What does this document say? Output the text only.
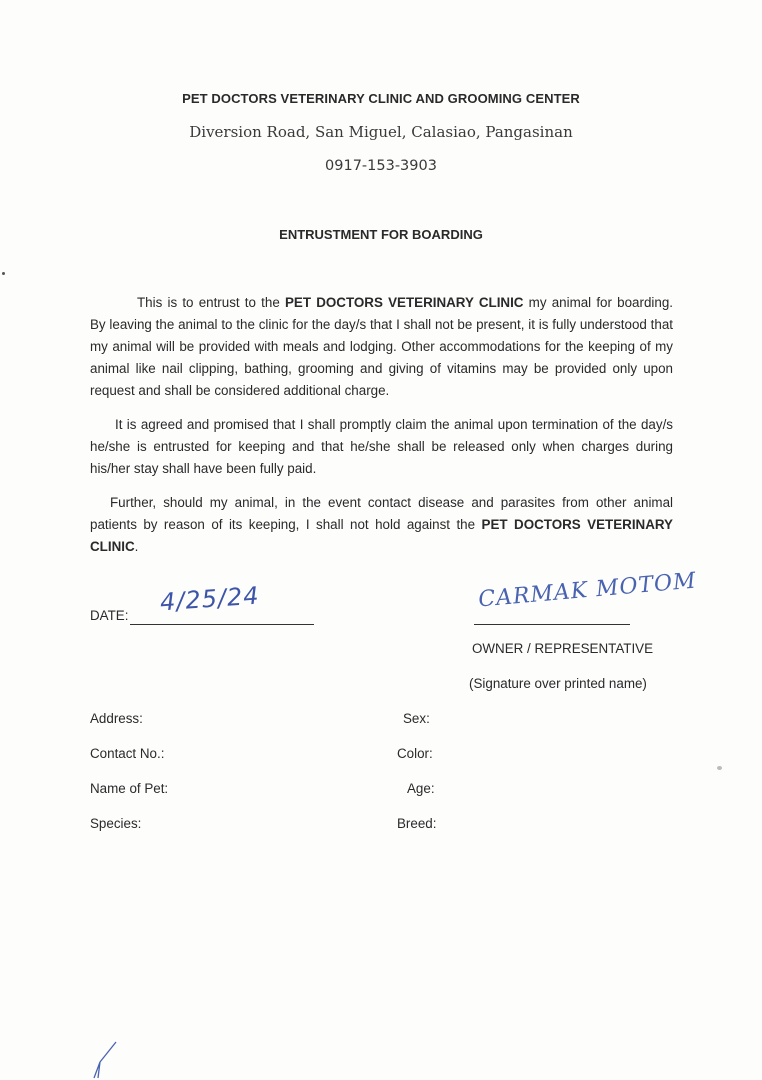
PET DOCTORS VETERINARY CLINIC AND GROOMING CENTER
Diversion Road, San Miguel, Calasiao, Pangasinan
0917-153-3903
ENTRUSTMENT FOR BOARDING
This is to entrust to the PET DOCTORS VETERINARY CLINIC my animal for boarding. By leaving the animal to the clinic for the day/s that I shall not be present, it is fully understood that my animal will be provided with meals and lodging. Other accommodations for the keeping of my animal like nail clipping, bathing, grooming and giving of vitamins may be provided only upon request and shall be considered additional charge.
It is agreed and promised that I shall promptly claim the animal upon termination of the day/s he/she is entrusted for keeping and that he/she shall be released only when charges during his/her stay shall have been fully paid.
Further, should my animal, in the event contact disease and parasites from other animal patients by reason of its keeping, I shall not hold against the PET DOCTORS VETERINARY CLINIC.
DATE: 4/25/24	CARMAK MOTOM
OWNER / REPRESENTATIVE
(Signature over printed name)
Address:	Sex:
Contact No.:	Color:
Name of Pet:	Age:
Species:	Breed:
